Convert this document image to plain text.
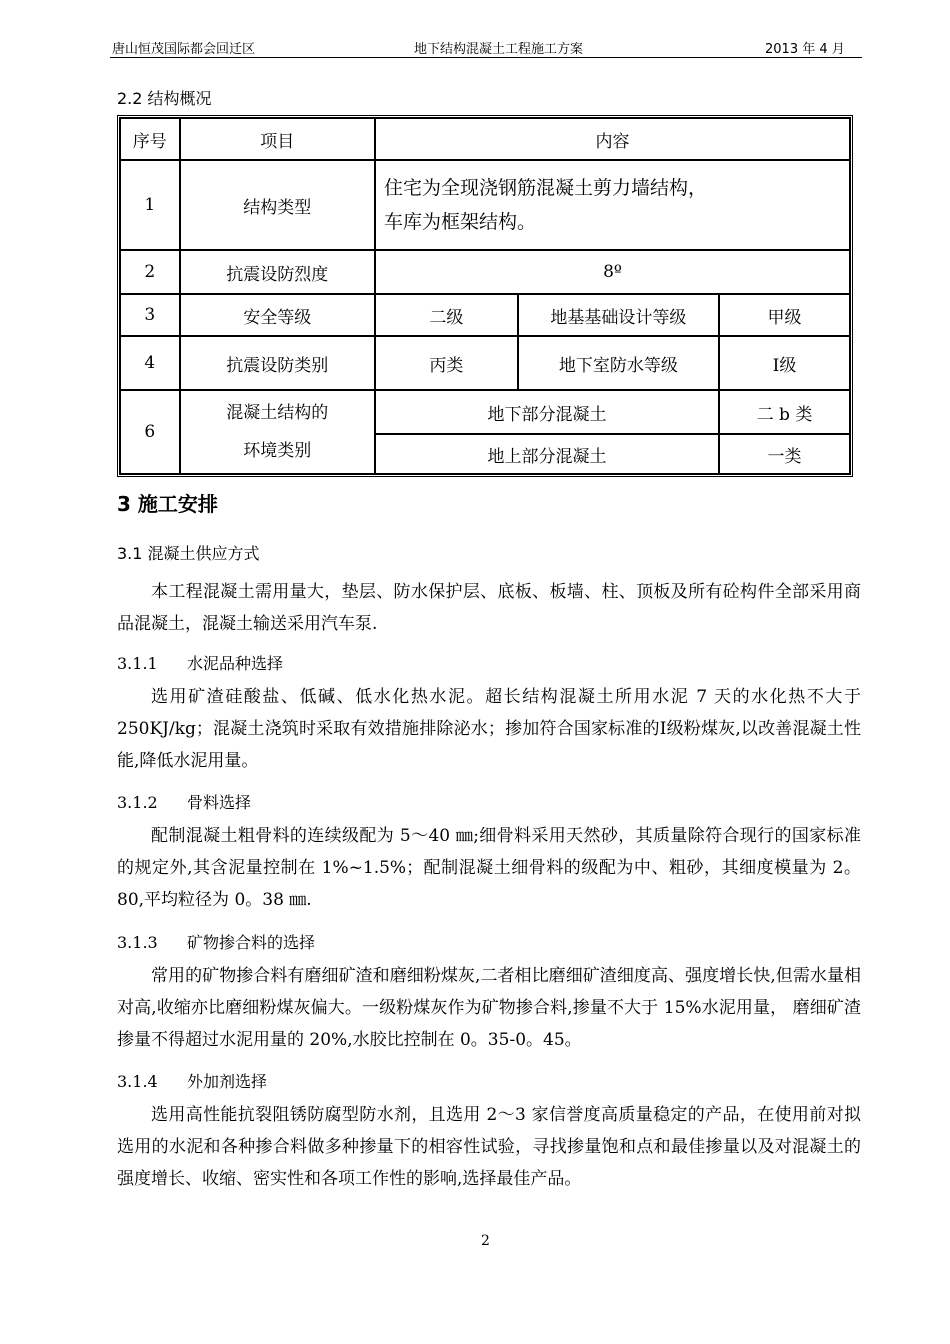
唐山恒茂国际都会回迁区	地下结构混凝土工程施工方案	2013 年 4 月
2.2 结构概况
序号	项目	内容		
1	结构类型	住宅为全现浇钢筋混凝土剪力墙结构，
车库为框架结构。		

2	抗震设防烈度	8º		
3	安全等级	二级	地基基础设计等级	甲级
4	抗震设防类别	丙类	地下室防水等级	Ⅰ级
6	混凝土结构的
环境类别	地下部分混凝土		二 b 类
		地上部分混凝土		一类
3 施工安排
3.1 混凝土供应方式

本工程混凝土需用量大，垫层、防水保护层、底板、板墙、柱、顶板及所有砼构件全部采用商品混凝土，混凝土输送采用汽车泵.

3.1.1 水泥品种选择

选用矿渣硅酸盐、低碱、低水化热水泥。超长结构混凝土所用水泥 7 天的水化热不大于 250KJ/kg；混凝土浇筑时采取有效措施排除泌水；掺加符合国家标准的Ⅰ级粉煤灰,以改善混凝土性能,降低水泥用量。

3.1.2 骨料选择

配制混凝土粗骨料的连续级配为 5～40 ㎜;细骨料采用天然砂，其质量除符合现行的国家标准的规定外,其含泥量控制在 1%~1.5%；配制混凝土细骨料的级配为中、粗砂，其细度模量为 2。80,平均粒径为 0。38 ㎜.

3.1.3 矿物掺合料的选择

常用的矿物掺合料有磨细矿渣和磨细粉煤灰,二者相比磨细矿渣细度高、强度增长快,但需水量相对高,收缩亦比磨细粉煤灰偏大。一级粉煤灰作为矿物掺合料,掺量不大于 15%水泥用量， 磨细矿渣掺量不得超过水泥用量的 20%,水胶比控制在 0。35-0。45。

3.1.4 外加剂选择

选用高性能抗裂阻锈防腐型防水剂，且选用 2～3 家信誉度高质量稳定的产品，在使用前对拟选用的水泥和各种掺合料做多种掺量下的相容性试验，寻找掺量饱和点和最佳掺量以及对混凝土的强度增长、收缩、密实性和各项工作性的影响,选择最佳产品。

2
